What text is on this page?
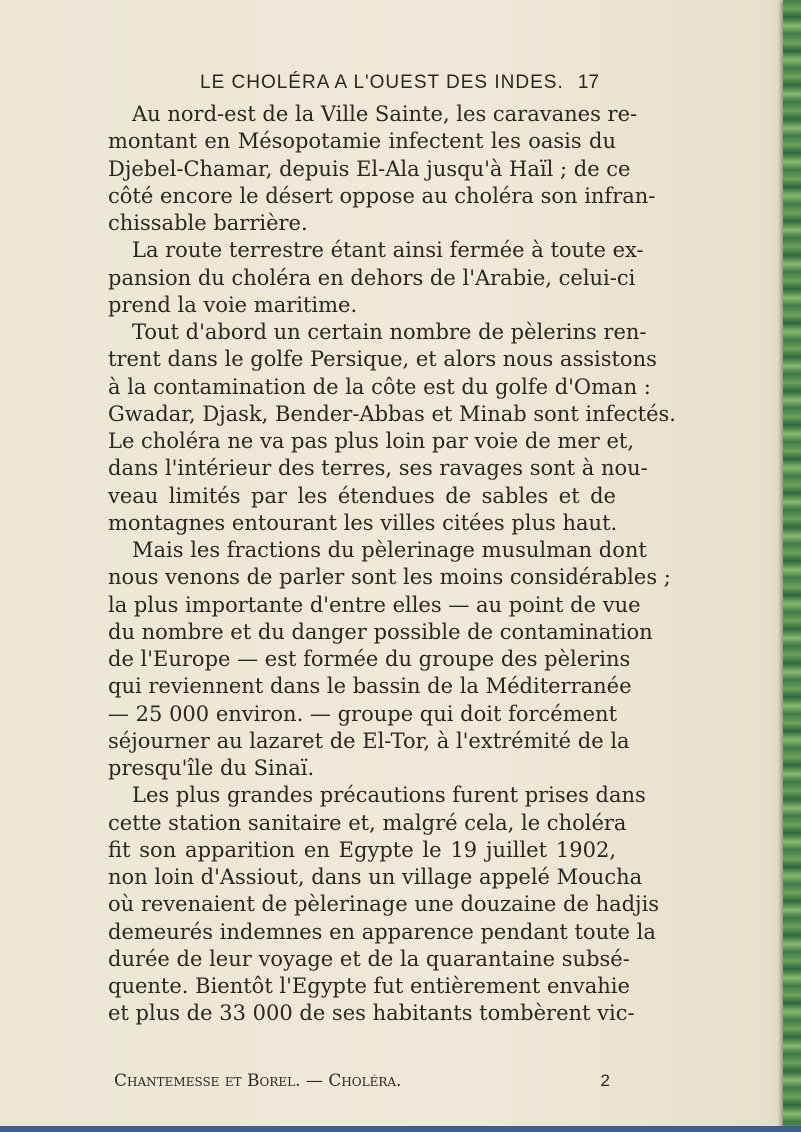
LE CHOLÉRA A L'OUEST DES INDES. 17
Au nord-est de la Ville Sainte, les caravanes re-
montant en Mésopotamie infectent les oasis du
Djebel-Chamar, depuis El-Ala jusqu'à Haïl ; de ce
côté encore le désert oppose au choléra son infran-
chissable barrière.
La route terrestre étant ainsi fermée à toute ex-
pansion du choléra en dehors de l'Arabie, celui-ci
prend la voie maritime.
Tout d'abord un certain nombre de pèlerins ren-
trent dans le golfe Persique, et alors nous assistons
à la contamination de la côte est du golfe d'Oman :
Gwadar, Djask, Bender-Abbas et Minab sont infectés.
Le choléra ne va pas plus loin par voie de mer et,
dans l'intérieur des terres, ses ravages sont à nou-
veau limités par les étendues de sables et de
montagnes entourant les villes citées plus haut.
Mais les fractions du pèlerinage musulman dont
nous venons de parler sont les moins considérables ;
la plus importante d'entre elles — au point de vue
du nombre et du danger possible de contamination
de l'Europe — est formée du groupe des pèlerins
qui reviennent dans le bassin de la Méditerranée
— 25 000 environ. — groupe qui doit forcément
séjourner au lazaret de El-Tor, à l'extrémité de la
presqu'île du Sinaï.
Les plus grandes précautions furent prises dans
cette station sanitaire et, malgré cela, le choléra
fit son apparition en Egypte le 19 juillet 1902,
non loin d'Assiout, dans un village appelé Moucha
où revenaient de pèlerinage une douzaine de hadjis
demeurés indemnes en apparence pendant toute la
durée de leur voyage et de la quarantaine subsé-
quente. Bientôt l'Egypte fut entièrement envahie
et plus de 33 000 de ses habitants tombèrent vic-
Chantemesse et Borel. — Choléra.	2
